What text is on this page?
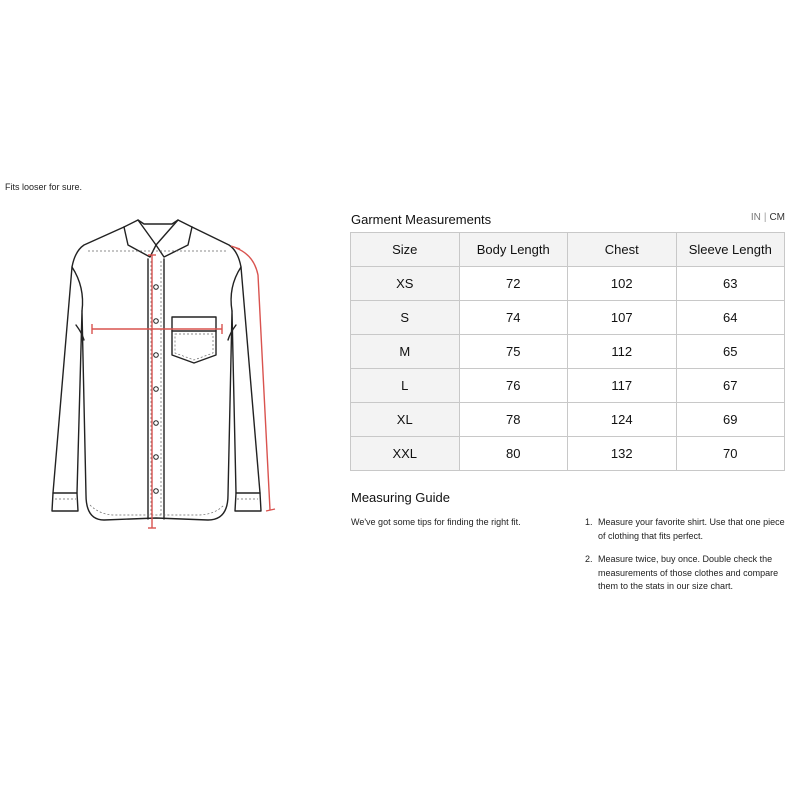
Fits looser for sure.
Garment Measurements	IN | CM
Size	Body Length	Chest	Sleeve Length
XS	72	102	63
S	74	107	64
M	75	112	65
L	76	117	67
XL	78	124	69
XXL	80	132	70
Measuring Guide
We've got some tips for finding the right fit.	1. Measure your favorite shirt. Use that one piece of clothing that fits perfect.
2. Measure twice, buy once. Double check the measurements of those clothes and compare them to the stats in our size chart.
